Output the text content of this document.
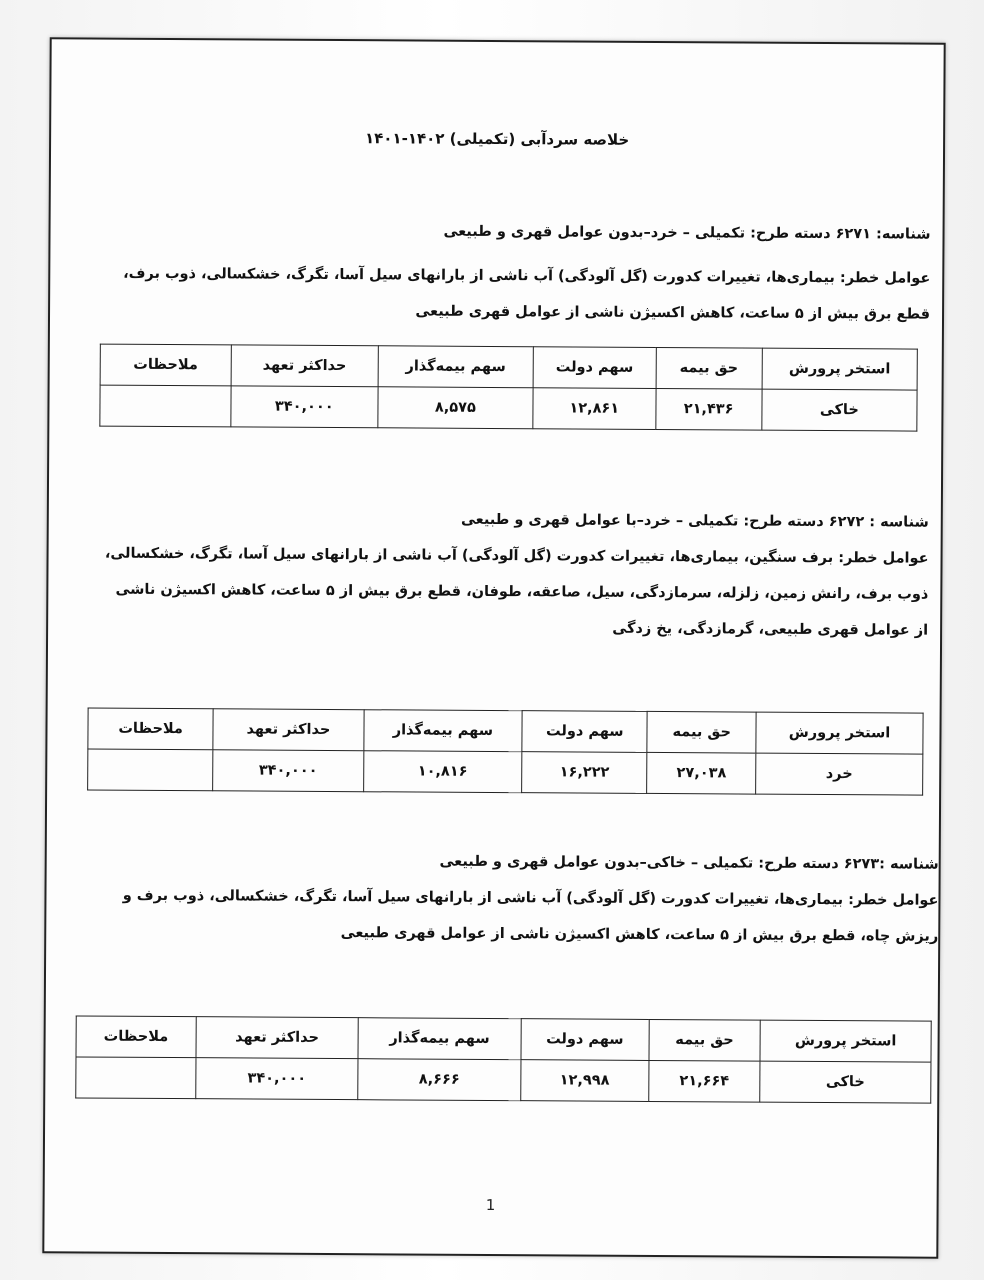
خلاصه سردآبی (تکمیلی) ۱۴۰۲-۱۴۰۱
شناسه: ۶۲۷۱ دسته طرح: تکمیلی – خرد–بدون عوامل قهری و طبیعی
عوامل خطر: بیماری‌ها، تغییرات کدورت (گل آلودگی) آب ناشی از بارانهای سیل آسا، تگرگ، خشکسالی، ذوب برف، قطع برق بیش از ۵ ساعت، کاهش اکسیژن ناشی از عوامل قهری طبیعی
استخر پرورش	حق بیمه	سهم دولت	سهم بیمه‌گذار	حداکثر تعهد	ملاحظات
خاکی	۲۱,۴۳۶	۱۲,۸۶۱	۸,۵۷۵	۳۴۰,۰۰۰	
شناسه : ۶۲۷۲ دسته طرح: تکمیلی – خرد–با عوامل قهری و طبیعی
عوامل خطر: برف سنگین، بیماری‌ها، تغییرات کدورت (گل آلودگی) آب ناشی از بارانهای سیل آسا، تگرگ، خشکسالی، ذوب برف، رانش زمین، زلزله، سرمازدگی، سیل، صاعقه، طوفان، قطع برق بیش از ۵ ساعت، کاهش اکسیژن ناشی از عوامل قهری طبیعی، گرمازدگی، یخ زدگی
استخر پرورش	حق بیمه	سهم دولت	سهم بیمه‌گذار	حداکثر تعهد	ملاحظات
خرد	۲۷,۰۳۸	۱۶,۲۲۲	۱۰,۸۱۶	۳۴۰,۰۰۰	
شناسه :۶۲۷۳ دسته طرح: تکمیلی – خاکی–بدون عوامل قهری و طبیعی
عوامل خطر: بیماری‌ها، تغییرات کدورت (گل آلودگی) آب ناشی از بارانهای سیل آسا، تگرگ، خشکسالی، ذوب برف و ریزش چاه، قطع برق بیش از ۵ ساعت، کاهش اکسیژن ناشی از عوامل قهری طبیعی
استخر پرورش	حق بیمه	سهم دولت	سهم بیمه‌گذار	حداکثر تعهد	ملاحظات
خاکی	۲۱,۶۶۴	۱۲,۹۹۸	۸,۶۶۶	۳۴۰,۰۰۰	
1
